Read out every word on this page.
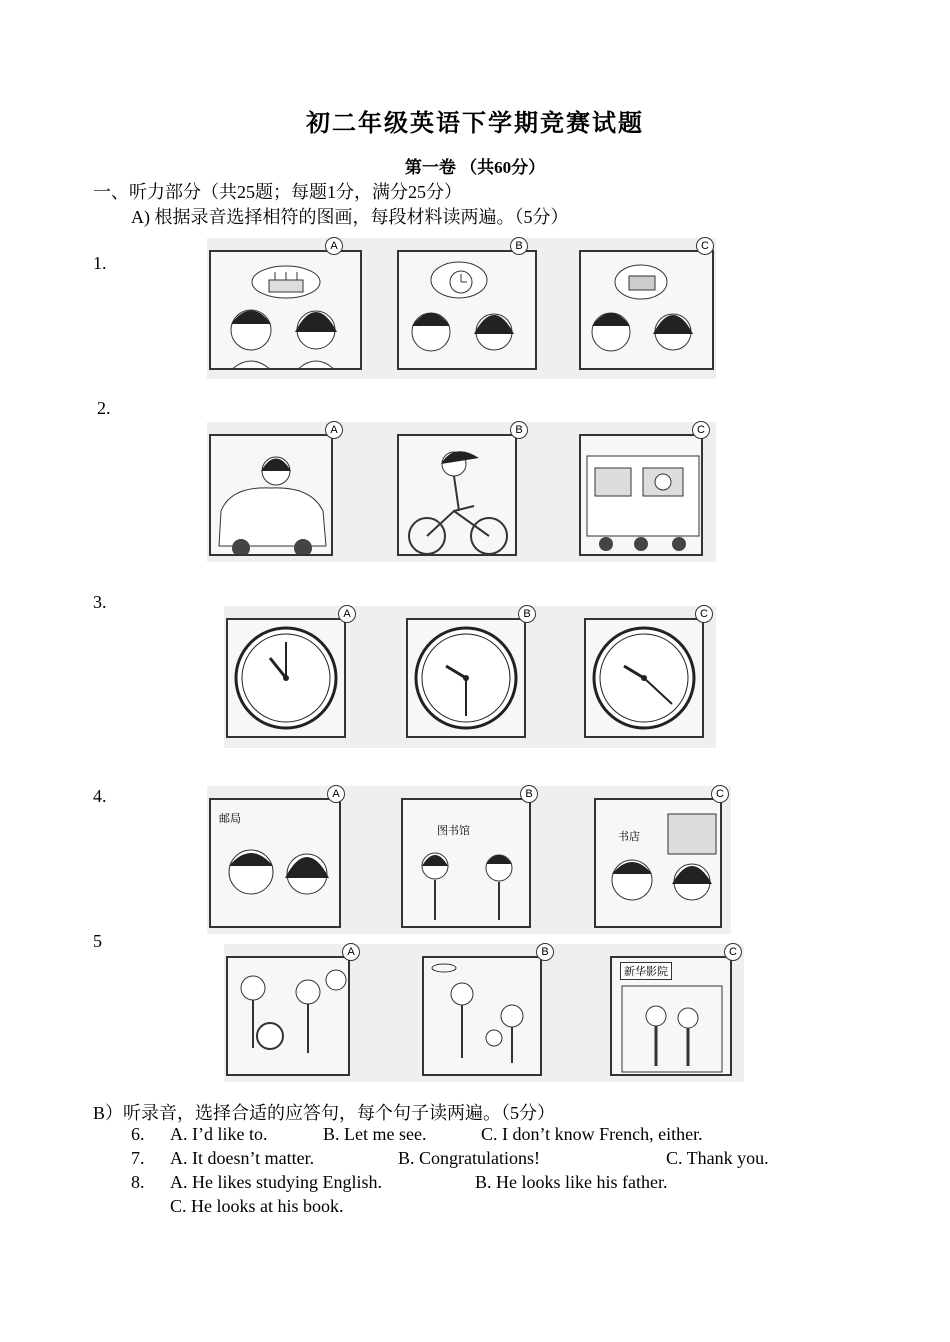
初二年级英语下学期竞赛试题
第一卷 （共60分）
一、听力部分（共25题；每题1分，满分25分）
A) 根据录音选择相符的图画，每段材料读两遍。（5分）
1.
A	B	C
2.
A	B	C
3.
A	B	C
4.
邮局
A
图书馆
B
书店
C
5
A	B
新华影院
C
B）听录音，选择合适的应答句，每个句子读两遍。（5分）
6. A. I’d like to.	B. Let me see.	C. I don’t know French, either.
7. A. It doesn’t matter.	B. Congratulations!	C. Thank you.
8. A. He likes studying English.	B. He looks like his father.
C. He looks at his book.
